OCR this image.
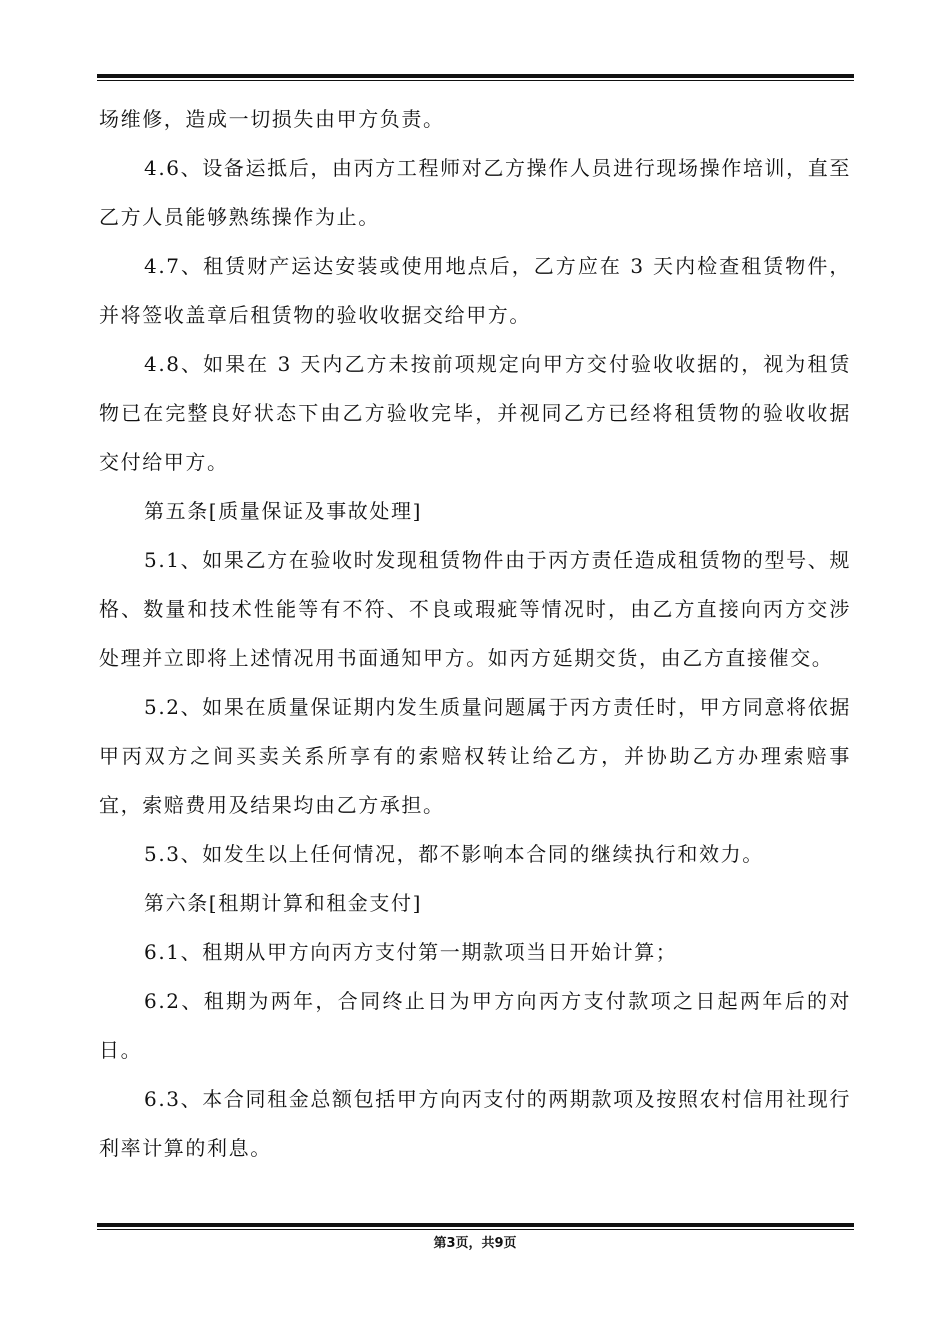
场维修，造成一切损失由甲方负责。

4.6、设备运抵后，由丙方工程师对乙方操作人员进行现场操作培训，直至乙方人员能够熟练操作为止。

4.7、租赁财产运达安装或使用地点后，乙方应在 3 天内检查租赁物件，并将签收盖章后租赁物的验收收据交给甲方。

4.8、如果在 3 天内乙方未按前项规定向甲方交付验收收据的，视为租赁物已在完整良好状态下由乙方验收完毕，并视同乙方已经将租赁物的验收收据交付给甲方。

第五条[质量保证及事故处理]

5.1、如果乙方在验收时发现租赁物件由于丙方责任造成租赁物的型号、规格、数量和技术性能等有不符、不良或瑕疵等情况时，由乙方直接向丙方交涉处理并立即将上述情况用书面通知甲方。如丙方延期交货，由乙方直接催交。

5.2、如果在质量保证期内发生质量问题属于丙方责任时，甲方同意将依据甲丙双方之间买卖关系所享有的索赔权转让给乙方，并协助乙方办理索赔事宜，索赔费用及结果均由乙方承担。

5.3、如发生以上任何情况，都不影响本合同的继续执行和效力。

第六条[租期计算和租金支付]

6.1、租期从甲方向丙方支付第一期款项当日开始计算；

6.2、租期为两年，合同终止日为甲方向丙方支付款项之日起两年后的对日。

6.3、本合同租金总额包括甲方向丙支付的两期款项及按照农村信用社现行利率计算的利息。

第3页，共9页
